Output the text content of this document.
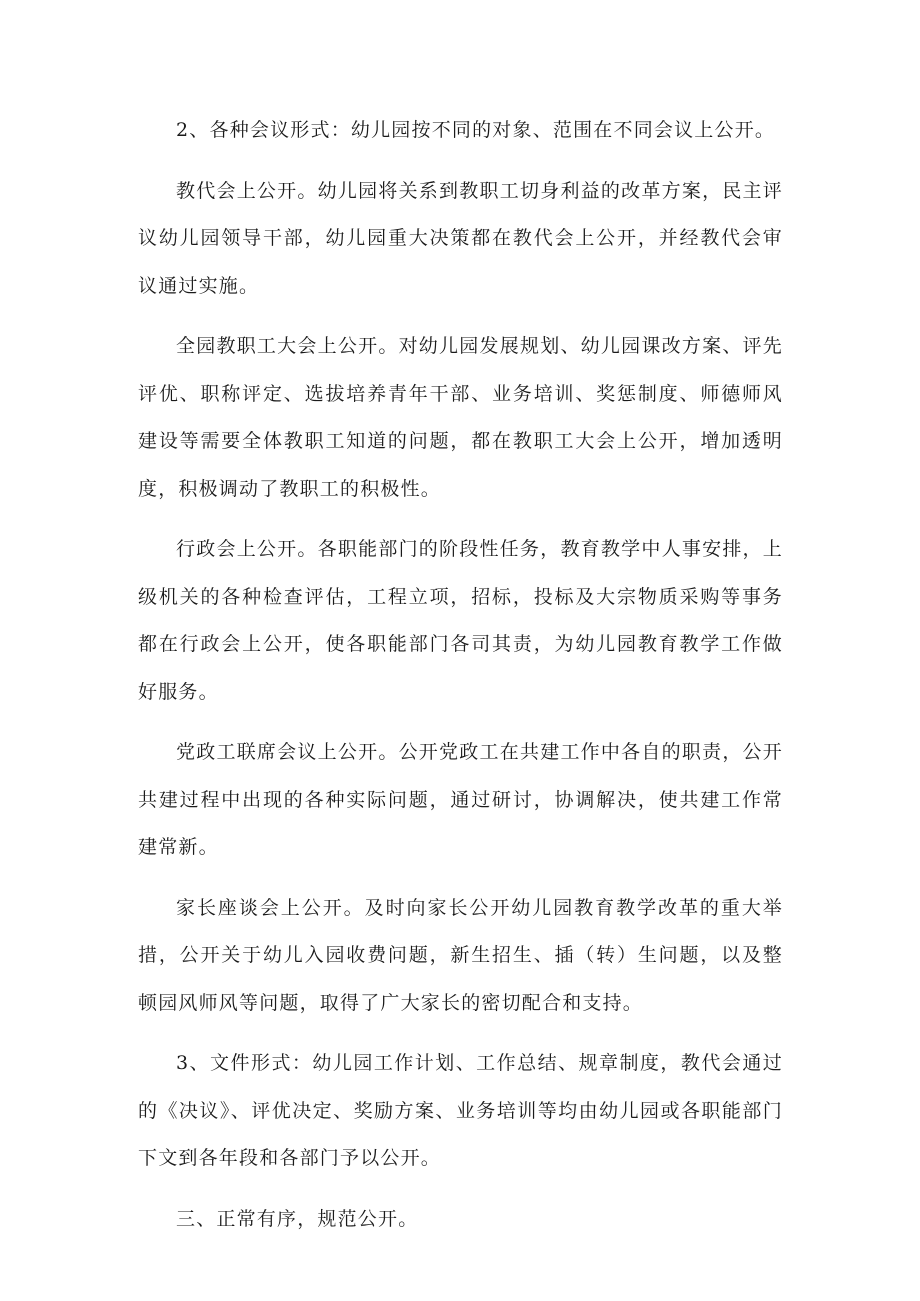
2、各种会议形式：幼儿园按不同的对象、范围在不同会议上公开。

教代会上公开。幼儿园将关系到教职工切身利益的改革方案，民主评议幼儿园领导干部，幼儿园重大决策都在教代会上公开，并经教代会审议通过实施。

全园教职工大会上公开。对幼儿园发展规划、幼儿园课改方案、评先评优、职称评定、选拔培养青年干部、业务培训、奖惩制度、师德师风建设等需要全体教职工知道的问题，都在教职工大会上公开，增加透明度，积极调动了教职工的积极性。

行政会上公开。各职能部门的阶段性任务，教育教学中人事安排，上级机关的各种检查评估，工程立项，招标，投标及大宗物质采购等事务都在行政会上公开，使各职能部门各司其责，为幼儿园教育教学工作做好服务。

党政工联席会议上公开。公开党政工在共建工作中各自的职责，公开共建过程中出现的各种实际问题，通过研讨，协调解决，使共建工作常建常新。

家长座谈会上公开。及时向家长公开幼儿园教育教学改革的重大举措，公开关于幼儿入园收费问题，新生招生、插（转）生问题，以及整顿园风师风等问题，取得了广大家长的密切配合和支持。

3、文件形式：幼儿园工作计划、工作总结、规章制度，教代会通过的《决议》、评优决定、奖励方案、业务培训等均由幼儿园或各职能部门下文到各年段和各部门予以公开。

三、正常有序，规范公开。
